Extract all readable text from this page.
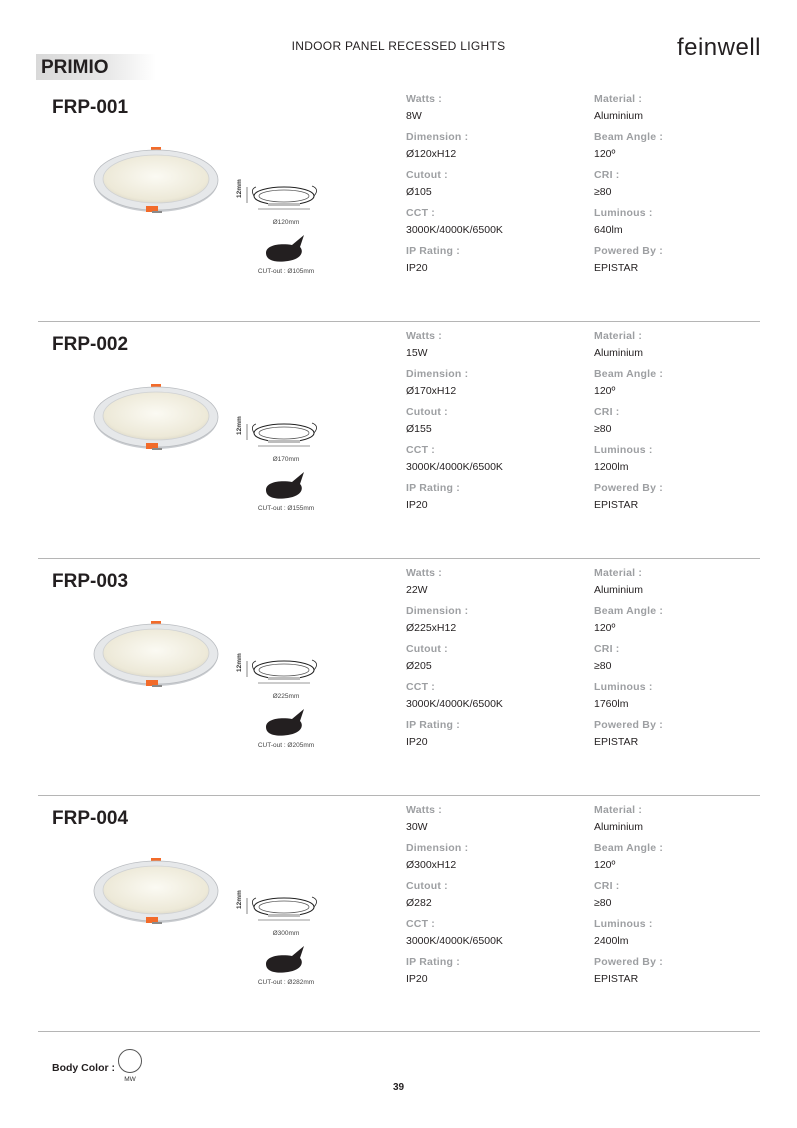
INDOOR PANEL RECESSED LIGHTS	feinwell
PRIMIO
FRP-001
12mm
Ø120mm
CUT-out : Ø105mm
Watts :
8W
Dimension :
Ø120xH12
Cutout :
Ø105
CCT :
3000K/4000K/6500K
IP Rating :
IP20
Material :
Aluminium
Beam Angle :
120º
CRI :
≥80
Luminous :
640lm
Powered By :
EPISTAR
FRP-002
12mm
Ø170mm
CUT-out : Ø155mm
Watts :
15W
Dimension :
Ø170xH12
Cutout :
Ø155
CCT :
3000K/4000K/6500K
IP Rating :
IP20
Material :
Aluminium
Beam Angle :
120º
CRI :
≥80
Luminous :
1200lm
Powered By :
EPISTAR
FRP-003
12mm
Ø225mm
CUT-out : Ø205mm
Watts :
22W
Dimension :
Ø225xH12
Cutout :
Ø205
CCT :
3000K/4000K/6500K
IP Rating :
IP20
Material :
Aluminium
Beam Angle :
120º
CRI :
≥80
Luminous :
1760lm
Powered By :
EPISTAR
FRP-004
12mm
Ø300mm
CUT-out : Ø282mm
Watts :
30W
Dimension :
Ø300xH12
Cutout :
Ø282
CCT :
3000K/4000K/6500K
IP Rating :
IP20
Material :
Aluminium
Beam Angle :
120º
CRI :
≥80
Luminous :
2400lm
Powered By :
EPISTAR
Body Color :
MW
39
